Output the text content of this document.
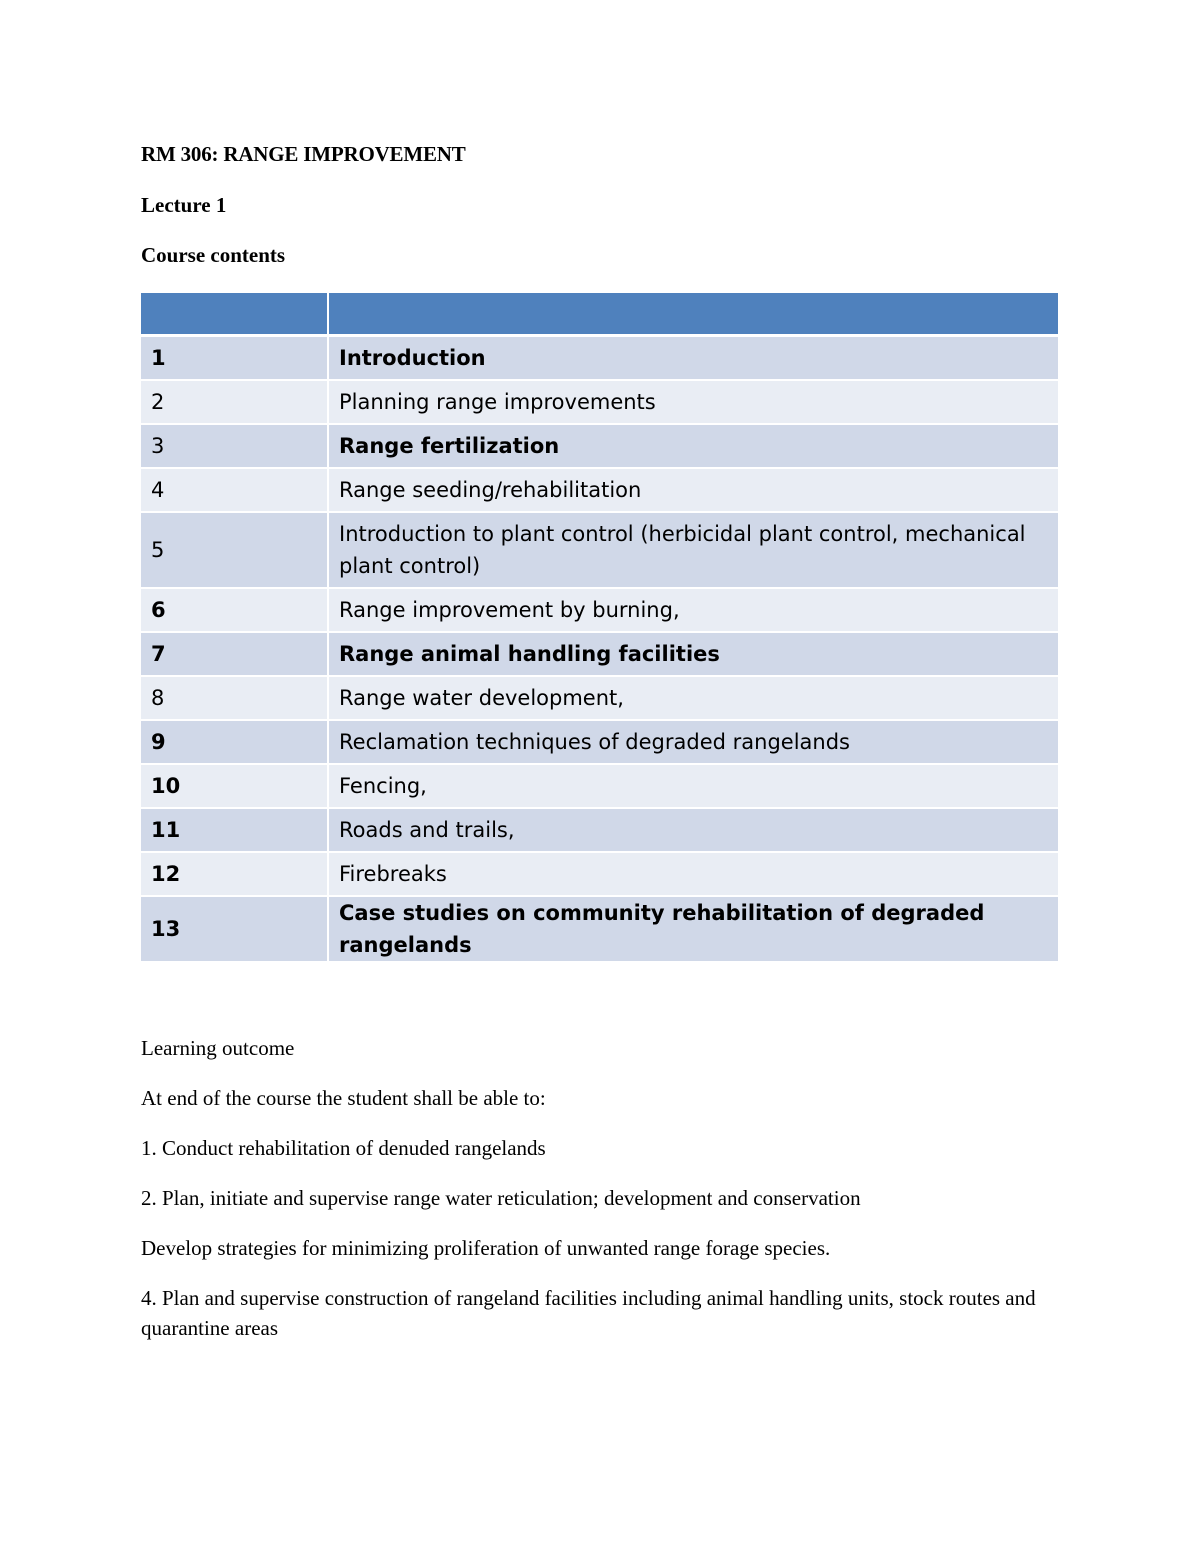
RM 306: RANGE IMPROVEMENT
Lecture 1
Course contents

1	Introduction
2	Planning range improvements
3	Range fertilization
4	Range seeding/rehabilitation
5	Introduction to plant control (herbicidal plant control, mechanical plant control)
6	Range improvement by burning,
7	Range animal handling facilities
8	Range water development,
9	Reclamation techniques of degraded rangelands
10	Fencing,
11	Roads and trails,
12	Firebreaks
13	Case studies on community rehabilitation of degraded rangelands

Learning outcome

At end of the course the student shall be able to:

1. Conduct rehabilitation of denuded rangelands

2. Plan, initiate and supervise range water reticulation; development and conservation

Develop strategies for minimizing proliferation of unwanted range forage species.

4. Plan and supervise construction of rangeland facilities including animal handling units, stock routes and quarantine areas
